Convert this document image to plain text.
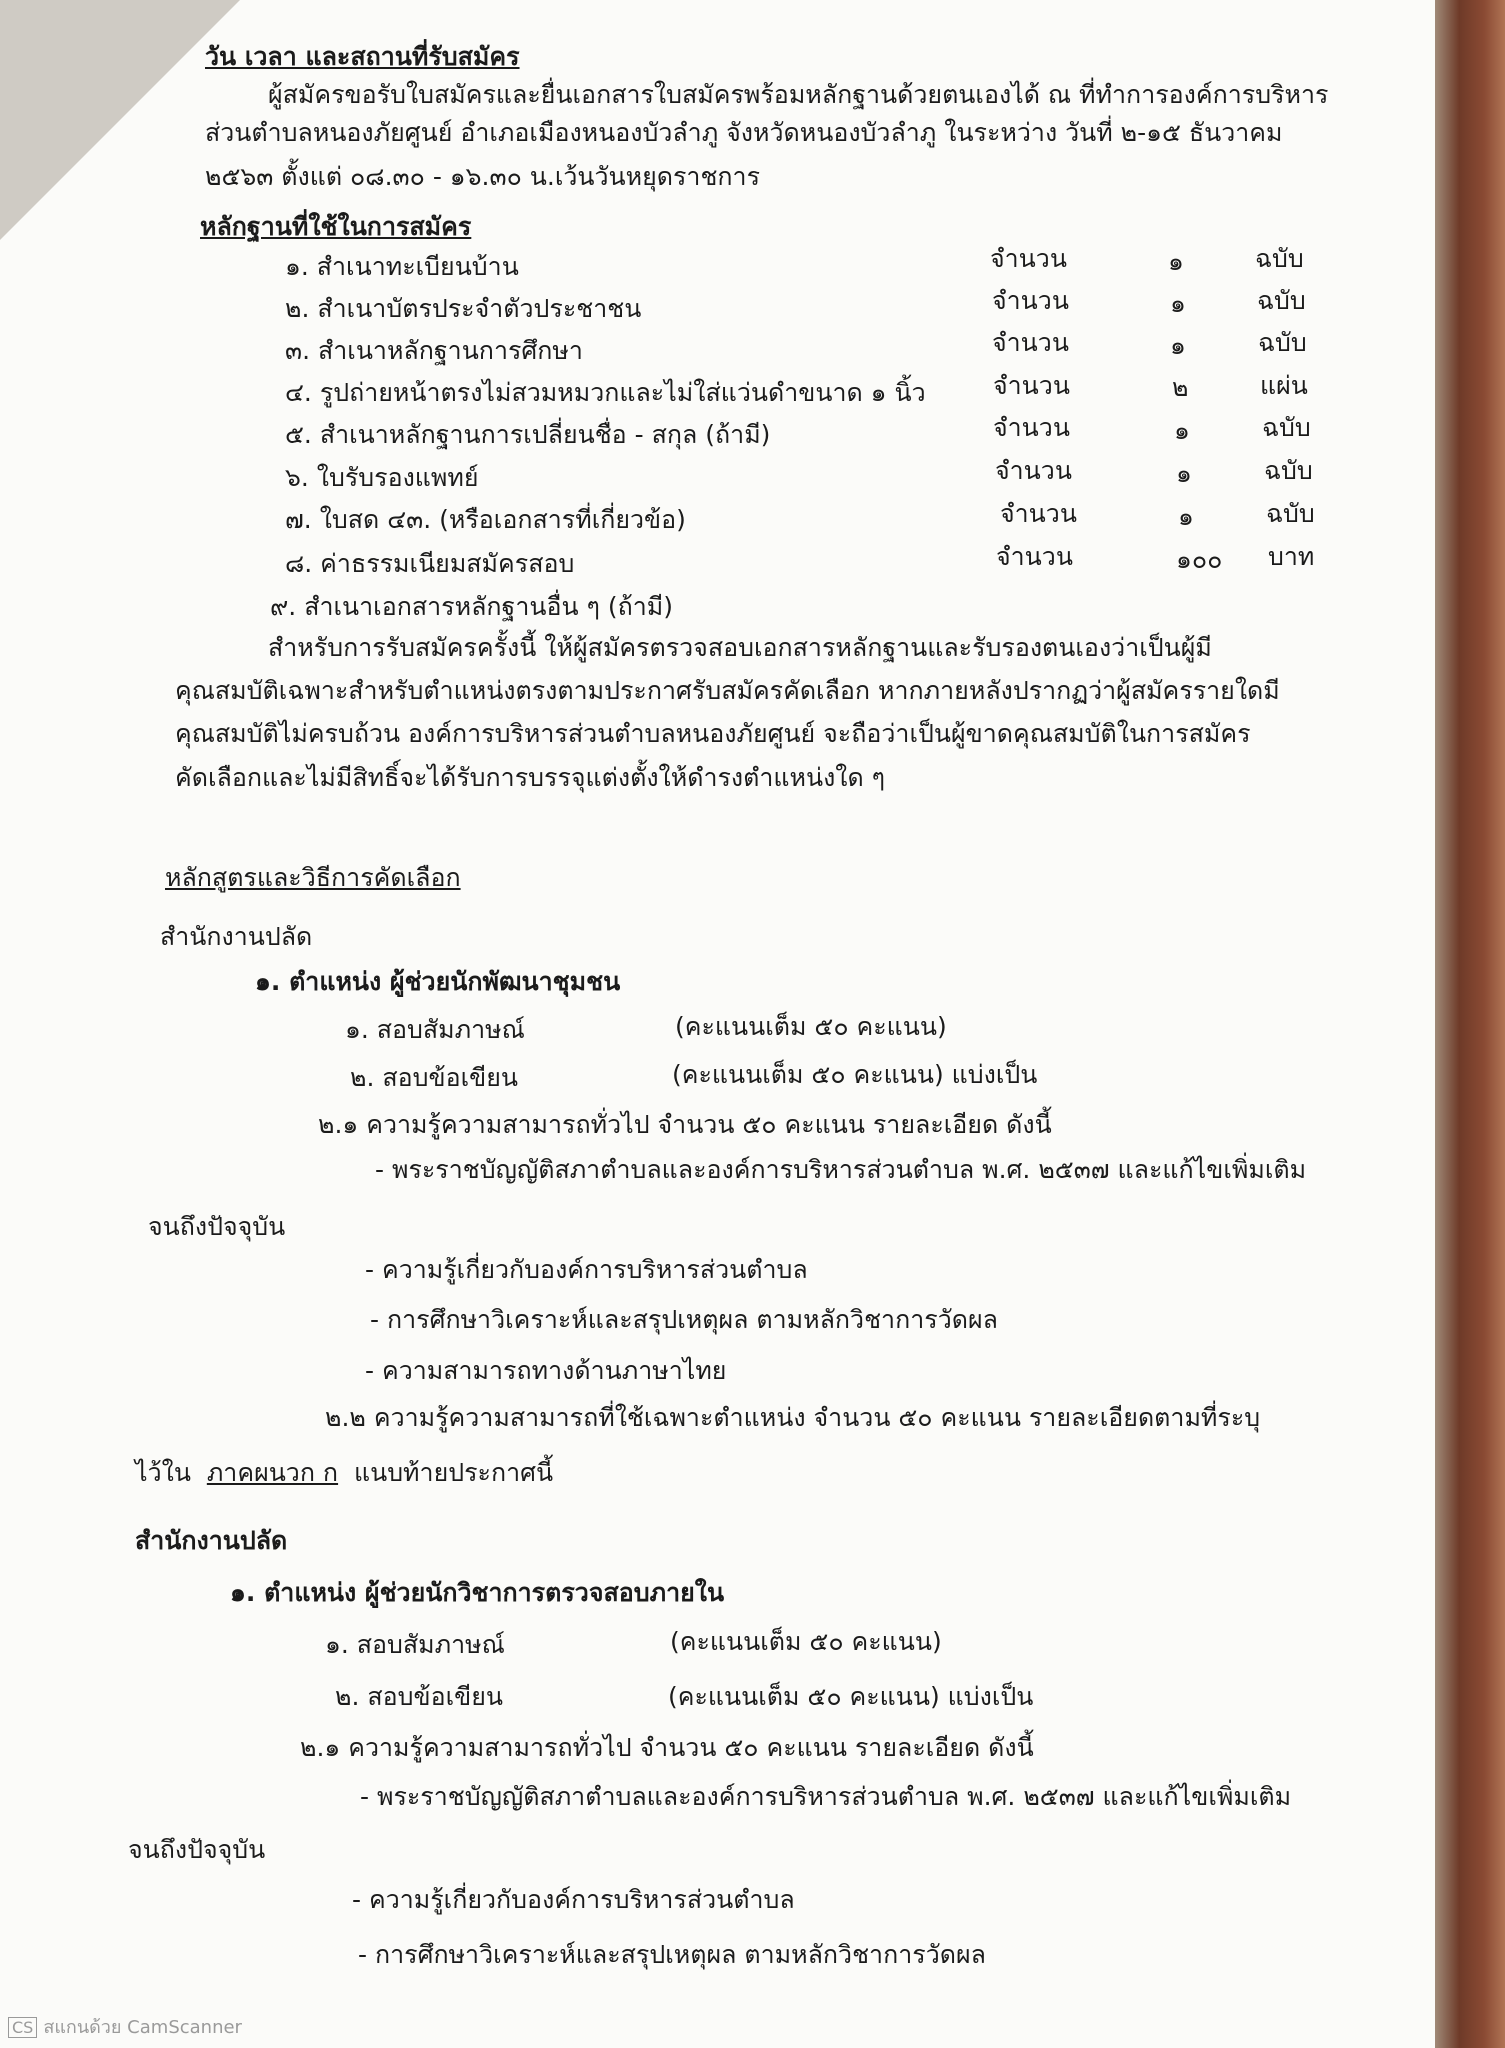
วัน เวลา และสถานที่รับสมัคร
ผู้สมัครขอรับใบสมัครและยื่นเอกสารใบสมัครพร้อมหลักฐานด้วยตนเองได้ ณ ที่ทำการองค์การบริหาร
ส่วนตำบลหนองภัยศูนย์ อำเภอเมืองหนองบัวลำภู จังหวัดหนองบัวลำภู ในระหว่าง วันที่ ๒-๑๕ ธันวาคม
๒๕๖๓ ตั้งแต่ ๐๘.๓๐ - ๑๖.๓๐ น.เว้นวันหยุดราชการ
หลักฐานที่ใช้ในการสมัคร
๑. สำเนาทะเบียนบ้าน	จำนวน	๑	ฉบับ
๒. สำเนาบัตรประจำตัวประชาชน	จำนวน	๑	ฉบับ
๓. สำเนาหลักฐานการศึกษา	จำนวน	๑	ฉบับ
๔. รูปถ่ายหน้าตรงไม่สวมหมวกและไม่ใส่แว่นดำขนาด ๑ นิ้ว	จำนวน	๒	แผ่น
๕. สำเนาหลักฐานการเปลี่ยนชื่อ - สกุล (ถ้ามี)	จำนวน	๑	ฉบับ
๖. ใบรับรองแพทย์	จำนวน	๑	ฉบับ
๗. ใบสด ๔๓. (หรือเอกสารที่เกี่ยวข้อ)	จำนวน	๑	ฉบับ
๘. ค่าธรรมเนียมสมัครสอบ	จำนวน	๑๐๐ บาท
๙. สำเนาเอกสารหลักฐานอื่น ๆ (ถ้ามี)
สำหรับการรับสมัครครั้งนี้ ให้ผู้สมัครตรวจสอบเอกสารหลักฐานและรับรองตนเองว่าเป็นผู้มี
คุณสมบัติเฉพาะสำหรับตำแหน่งตรงตามประกาศรับสมัครคัดเลือก หากภายหลังปรากฏว่าผู้สมัครรายใดมี
คุณสมบัติไม่ครบถ้วน องค์การบริหารส่วนตำบลหนองภัยศูนย์ จะถือว่าเป็นผู้ขาดคุณสมบัติในการสมัคร
คัดเลือกและไม่มีสิทธิ์จะได้รับการบรรจุแต่งตั้งให้ดำรงตำแหน่งใด ๆ
หลักสูตรและวิธีการคัดเลือก
สำนักงานปลัด
๑. ตำแหน่ง ผู้ช่วยนักพัฒนาชุมชน
๑. สอบสัมภาษณ์	(คะแนนเต็ม ๕๐ คะแนน)
๒. สอบข้อเขียน	(คะแนนเต็ม ๕๐ คะแนน) แบ่งเป็น
๒.๑ ความรู้ความสามารถทั่วไป จำนวน ๕๐ คะแนน รายละเอียด ดังนี้
- พระราชบัญญัติสภาตำบลและองค์การบริหารส่วนตำบล พ.ศ. ๒๕๓๗ และแก้ไขเพิ่มเติม
จนถึงปัจจุบัน
- ความรู้เกี่ยวกับองค์การบริหารส่วนตำบล
- การศึกษาวิเคราะห์และสรุปเหตุผล ตามหลักวิชาการวัดผล
- ความสามารถทางด้านภาษาไทย
๒.๒ ความรู้ความสามารถที่ใช้เฉพาะตำแหน่ง จำนวน ๕๐ คะแนน รายละเอียดตามที่ระบุ
ไว้ใน ภาคผนวก ก แนบท้ายประกาศนี้
สำนักงานปลัด
๑. ตำแหน่ง ผู้ช่วยนักวิชาการตรวจสอบภายใน
๑. สอบสัมภาษณ์	(คะแนนเต็ม ๕๐ คะแนน)
๒. สอบข้อเขียน	(คะแนนเต็ม ๕๐ คะแนน) แบ่งเป็น
๒.๑ ความรู้ความสามารถทั่วไป จำนวน ๕๐ คะแนน รายละเอียด ดังนี้
- พระราชบัญญัติสภาตำบลและองค์การบริหารส่วนตำบล พ.ศ. ๒๕๓๗ และแก้ไขเพิ่มเติม
จนถึงปัจจุบัน
- ความรู้เกี่ยวกับองค์การบริหารส่วนตำบล
- การศึกษาวิเคราะห์และสรุปเหตุผล ตามหลักวิชาการวัดผล
CS สแกนด้วย CamScanner
